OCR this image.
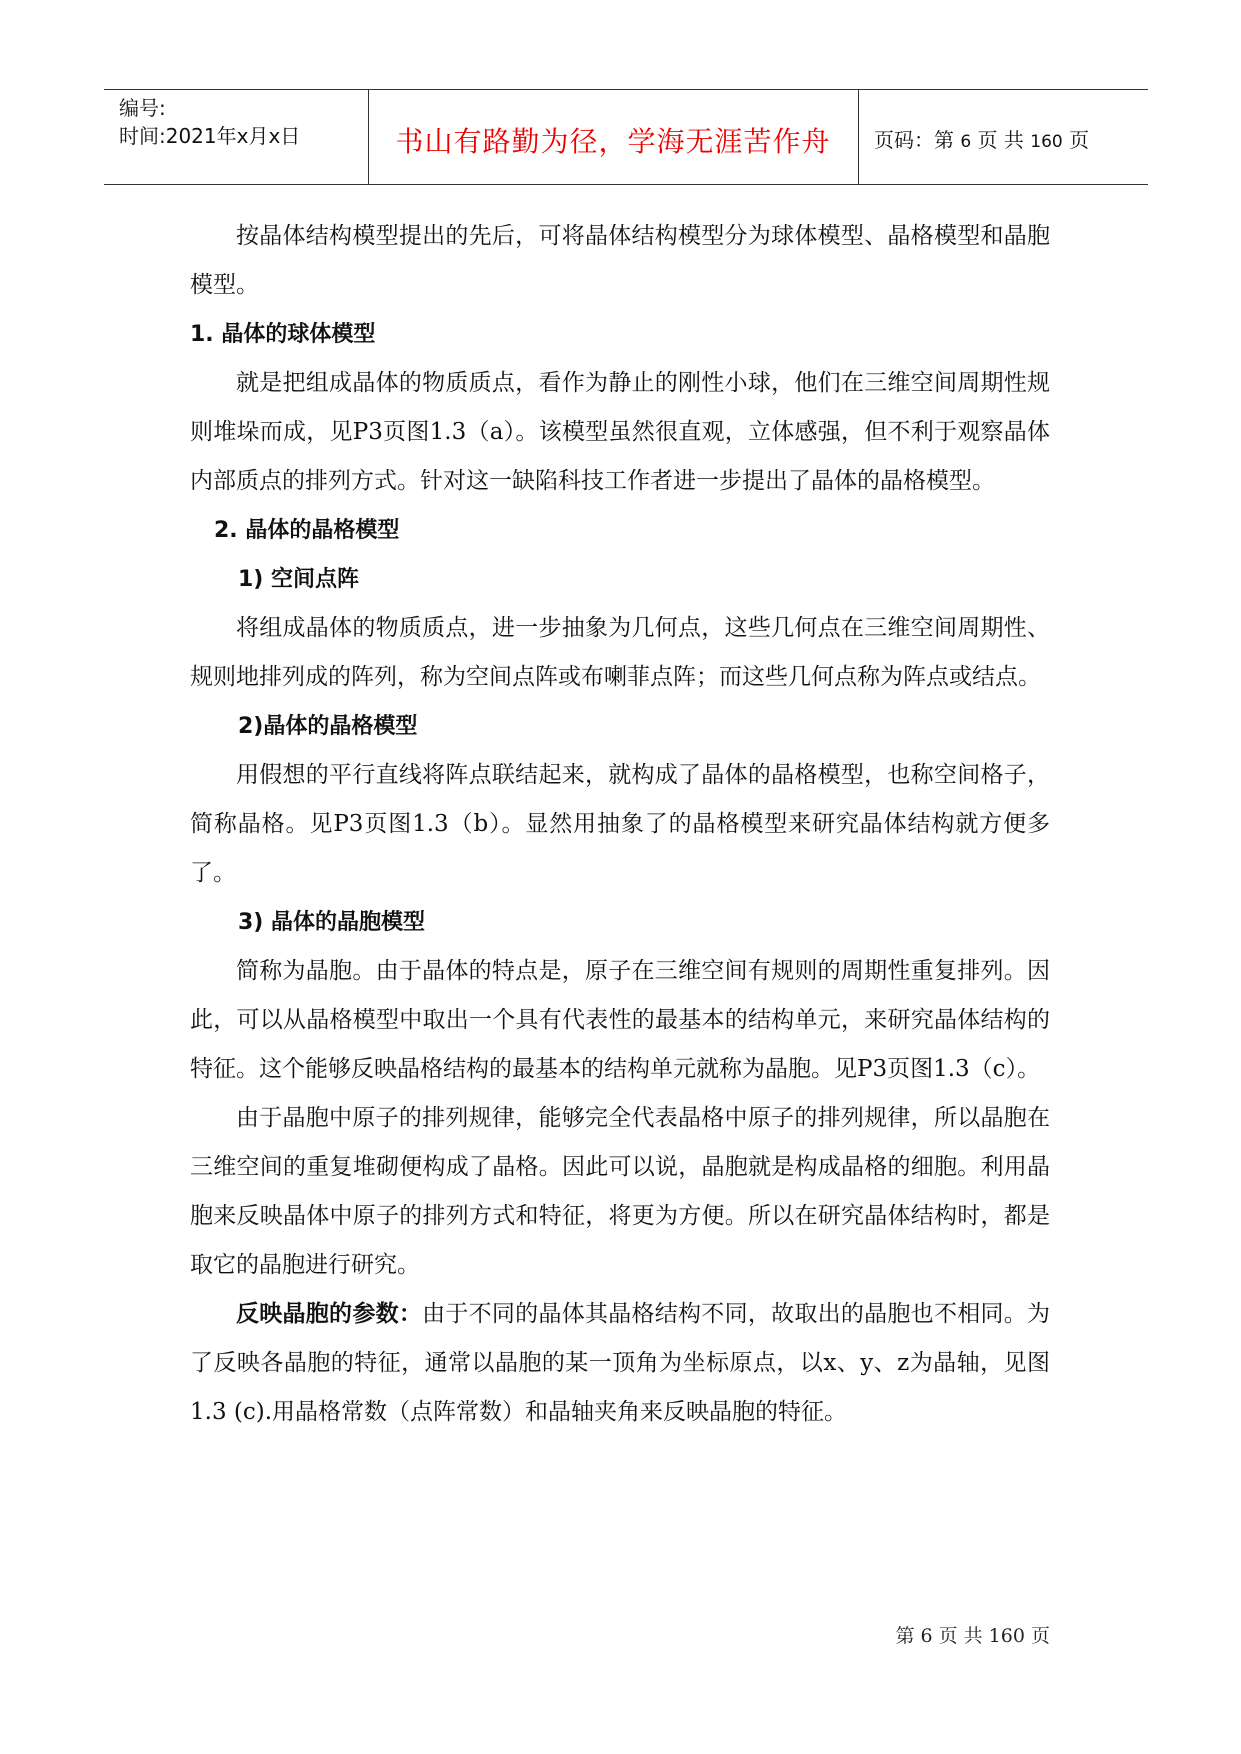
编号:
时间:2021年x月x日	书山有路勤为径，学海无涯苦作舟	页码：第 6 页 共 160 页

按晶体结构模型提出的先后，可将晶体结构模型分为球体模型、晶格模型和晶胞模型。

1. 晶体的球体模型

就是把组成晶体的物质质点，看作为静止的刚性小球，他们在三维空间周期性规则堆垛而成，见P3页图1.3（a）。该模型虽然很直观，立体感强，但不利于观察晶体内部质点的排列方式。针对这一缺陷科技工作者进一步提出了晶体的晶格模型。

2. 晶体的晶格模型

1) 空间点阵

将组成晶体的物质质点，进一步抽象为几何点，这些几何点在三维空间周期性、规则地排列成的阵列，称为空间点阵或布喇菲点阵；而这些几何点称为阵点或结点。

2)晶体的晶格模型

用假想的平行直线将阵点联结起来，就构成了晶体的晶格模型，也称空间格子，简称晶格。见P3页图1.3（b）。显然用抽象了的晶格模型来研究晶体结构就方便多了。

3) 晶体的晶胞模型

简称为晶胞。由于晶体的特点是，原子在三维空间有规则的周期性重复排列。因此，可以从晶格模型中取出一个具有代表性的最基本的结构单元，来研究晶体结构的特征。这个能够反映晶格结构的最基本的结构单元就称为晶胞。见P3页图1.3（c）。

由于晶胞中原子的排列规律，能够完全代表晶格中原子的排列规律，所以晶胞在三维空间的重复堆砌便构成了晶格。因此可以说，晶胞就是构成晶格的细胞。利用晶胞来反映晶体中原子的排列方式和特征，将更为方便。所以在研究晶体结构时，都是取它的晶胞进行研究。

反映晶胞的参数：由于不同的晶体其晶格结构不同，故取出的晶胞也不相同。为了反映各晶胞的特征，通常以晶胞的某一顶角为坐标原点，以x、y、z为晶轴，见图1.3 (c).用晶格常数（点阵常数）和晶轴夹角来反映晶胞的特征。

第 6 页 共 160 页
